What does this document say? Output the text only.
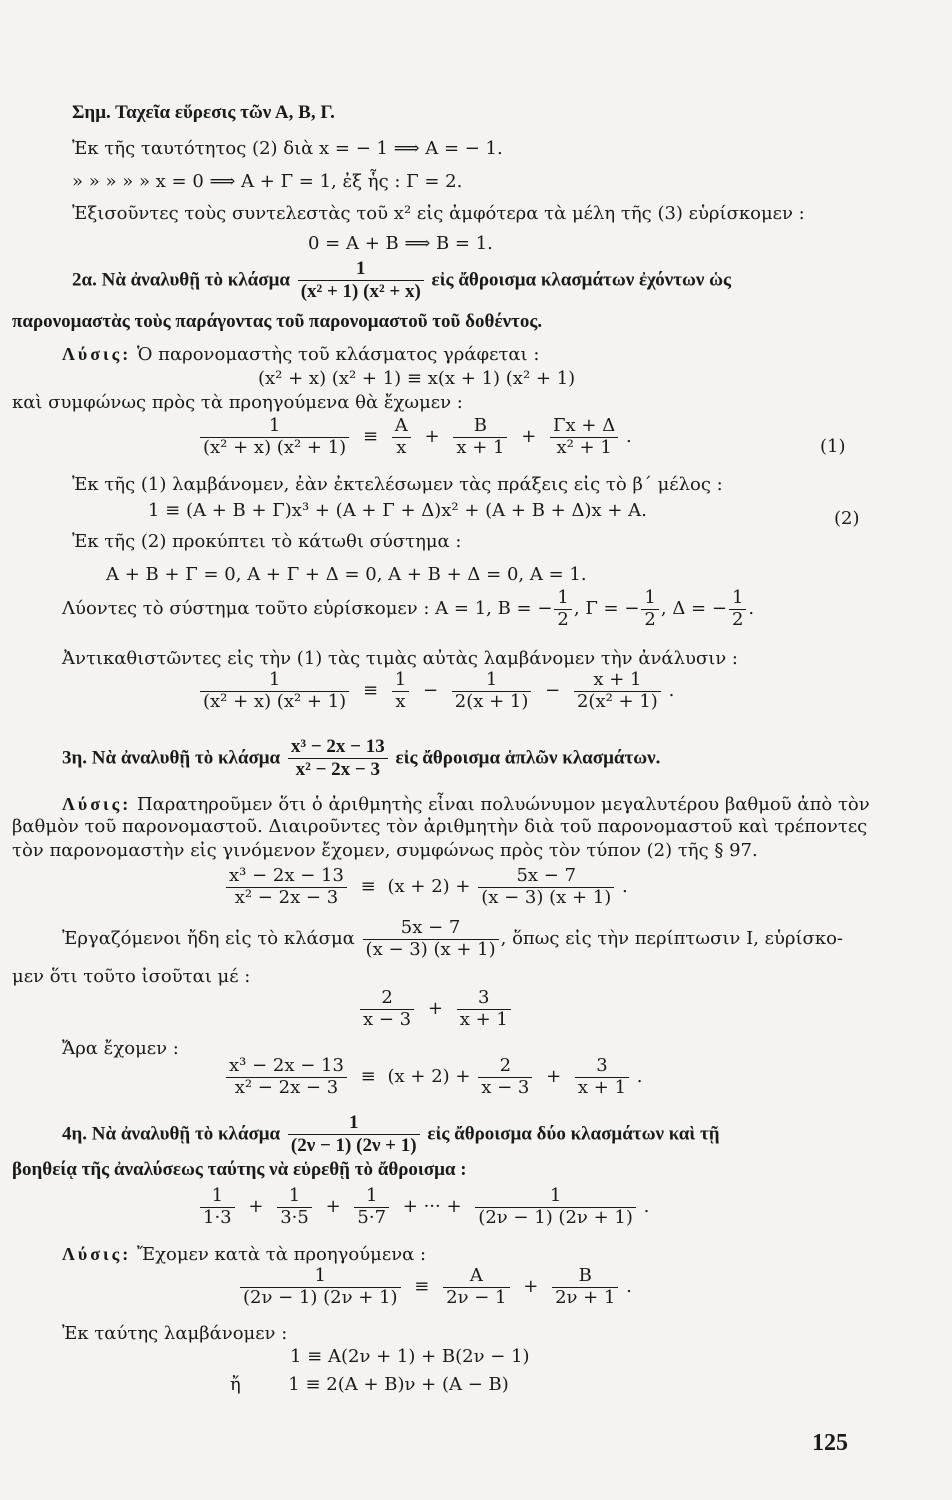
Σημ. Ταχεῖα εὕρεσις τῶν Α, Β, Γ.
Ἐκ τῆς ταυτότητος (2) διὰ x = − 1 ⟹ A = − 1.
» » » » » x = 0 ⟹ A + Γ = 1, ἐξ ἧς : Γ = 2.
Ἐξισοῦντες τοὺς συντελεστὰς τοῦ x² εἰς ἀμφότερα τὰ μέλη τῆς (3) εὑρίσκομεν :
0 = A + B ⟹ B = 1.
2α. Νὰ ἀναλυθῇ τὸ κλάσμα $\frac{1}{\text{(x² + 1) (x² + x)}}$ εἰς ἄθροισμα κλασμάτων ἐχόντων ὡς
παρονομαστὰς τοὺς παράγοντας τοῦ παρονομαστοῦ τοῦ δοθέντος.
Λύσις: Ὁ παρονομαστὴς τοῦ κλάσματος γράφεται :
(x² + x) (x² + 1) ≡ x(x + 1) (x² + 1)
καὶ συμφώνως πρὸς τὰ προηγούμενα θὰ ἔχωμεν :
$\frac{1}{\text{(x² + x) (x² + 1)}} \equiv \frac{A}{x} + \frac{B}{x + 1} + \frac{\Gamma x + \Delta}{\text{x² + 1}}$ .	(1)
Ἐκ τῆς (1) λαμβάνομεν, ἐὰν ἐκτελέσωμεν τὰς πράξεις εἰς τὸ β΄ μέλος :
1 ≡ (A + B + Γ)x³ + (A + Γ + Δ)x² + (A + B + Δ)x + A.	(2)
Ἐκ τῆς (2) προκύπτει τὸ κάτωθι σύστημα :
A + B + Γ = 0, A + Γ + Δ = 0, A + B + Δ = 0, A = 1.
Λύοντες τὸ σύστημα τοῦτο εὑρίσκομεν : A = 1, B = − $\frac{1}{2}$ , Γ = − $\frac{1}{2}$ , Δ = − $\frac{1}{2}$ .
Ἀντικαθιστῶντες εἰς τὴν (1) τὰς τιμὰς αὐτὰς λαμβάνομεν τὴν ἀνάλυσιν :
$\frac{1}{\text{(x² + x) (x² + 1)}} \equiv \frac{1}{x} - \frac{1}{2(x + 1)} - \frac{x + 1}{\text{2(x² + 1)}}$ .
3η. Νὰ ἀναλυθῇ τὸ κλάσμα $\frac{\text{x³ − 2x − 13}}{\text{x² − 2x − 3}}$ εἰς ἄθροισμα ἁπλῶν κλασμάτων.
Λύσις: Παρατηροῦμεν ὅτι ὁ ἀριθμητὴς εἶναι πολυώνυμον μεγαλυτέρου βαθμοῦ ἀπὸ τὸν
βαθμὸν τοῦ παρονομαστοῦ. Διαιροῦντες τὸν ἀριθμητὴν διὰ τοῦ παρονομαστοῦ καὶ τρέποντες
τὸν παρονομαστὴν εἰς γινόμενον ἔχομεν, συμφώνως πρὸς τὸν τύπον (2) τῆς § 97.
$\frac{\text{x³ − 2x − 13}}{\text{x² − 2x − 3}} \equiv (x + 2) + \frac{5x - 7}{(x - 3) (x + 1)}$ .
Ἐργαζόμενοι ἤδη εἰς τὸ κλάσμα $\frac{5x - 7}{(x - 3) (x + 1)}$ , ὅπως εἰς τὴν περίπτωσιν Ι, εὑρίσκο-
μεν ὅτι τοῦτο ἰσοῦται μέ :
$\frac{2}{x - 3} + \frac{3}{x + 1}$
Ἄρα ἔχομεν :
$\frac{\text{x³ − 2x − 13}}{\text{x² − 2x − 3}} \equiv (x + 2) + \frac{2}{x - 3} + \frac{3}{x + 1}$ .
4η. Νὰ ἀναλυθῇ τὸ κλάσμα $\frac{1}{(2\nu - 1) (2\nu + 1)}$ εἰς ἄθροισμα δύο κλασμάτων καὶ τῇ
βοηθείᾳ τῆς ἀναλύσεως ταύτης νὰ εὑρεθῇ τὸ ἄθροισμα :
$\frac{1}{1\cdot 3} + \frac{1}{3\cdot 5} + \frac{1}{5\cdot 7}$ + ··· + $\frac{1}{(2\nu - 1) (2\nu + 1)}$ .
Λύσις: Ἔχομεν κατὰ τὰ προηγούμενα :
$\frac{1}{(2\nu - 1) (2\nu + 1)} \equiv \frac{A}{2\nu - 1} + \frac{B}{2\nu + 1}$ .
Ἐκ ταύτης λαμβάνομεν :
1 ≡ A(2ν + 1) + B(2ν − 1)
ἤ	1 ≡ 2(A + B)ν + (A − B)
125
